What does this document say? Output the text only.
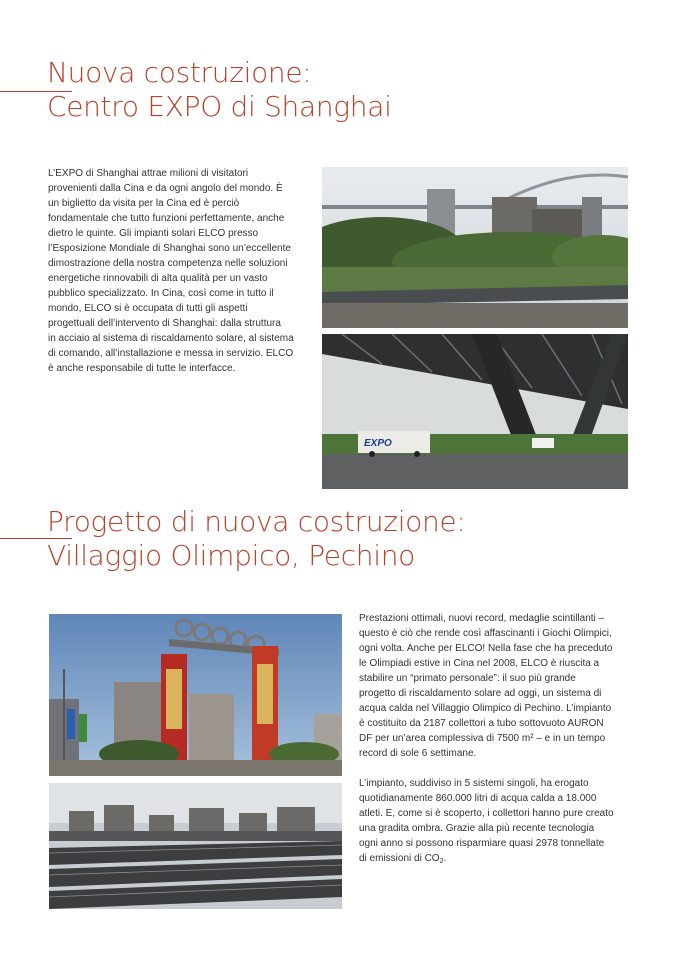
Nuova costruzione:
Centro EXPO di Shanghai
L’EXPO di Shanghai attrae milioni di visitatori
provenienti dalla Cina e da ogni angolo del mondo. È
un biglietto da visita per la Cina ed è perciò
fondamentale che tutto funzioni perfettamente, anche
dietro le quinte. Gli impianti solari ELCO presso
l’Esposizione Mondiale di Shanghai sono un’eccellente
dimostrazione della nostra competenza nelle soluzioni
energetiche rinnovabili di alta qualità per un vasto
pubblico specializzato. In Cina, così come in tutto il
mondo, ELCO si è occupata di tutti gli aspetti
progettuali dell’intervento di Shanghai: dalla struttura
in acciaio al sistema di riscaldamento solare, al sistema
di comando, all’installazione e messa in servizio. ELCO
è anche responsabile di tutte le interfacce.
EXPO
Progetto di nuova costruzione:
Villaggio Olimpico, Pechino
Prestazioni ottimali, nuovi record, medaglie scintillanti –
questo è ciò che rende così affascinanti i Giochi Olimpici,
ogni volta. Anche per ELCO! Nella fase che ha preceduto
le Olimpiadi estive in Cina nel 2008, ELCO è riuscita a
stabilire un “primato personale”: il suo più grande
progetto di riscaldamento solare ad oggi, un sistema di
acqua calda nel Villaggio Olimpico di Pechino. L’impianto
è costituito da 2187 collettori a tubo sottovuoto AURON
DF per un’area complessiva di 7500 m² – e in un tempo
record di sole 6 settimane.
L’impianto, suddiviso in 5 sistemi singoli, ha erogato
quotidianamente 860.000 litri di acqua calda a 18.000
atleti. E, come si è scoperto, i collettori hanno pure creato
una gradita ombra. Grazie alla più recente tecnologia
ogni anno si possono risparmiare quasi 2978 tonnellate
di emissioni di $CO_2$.
